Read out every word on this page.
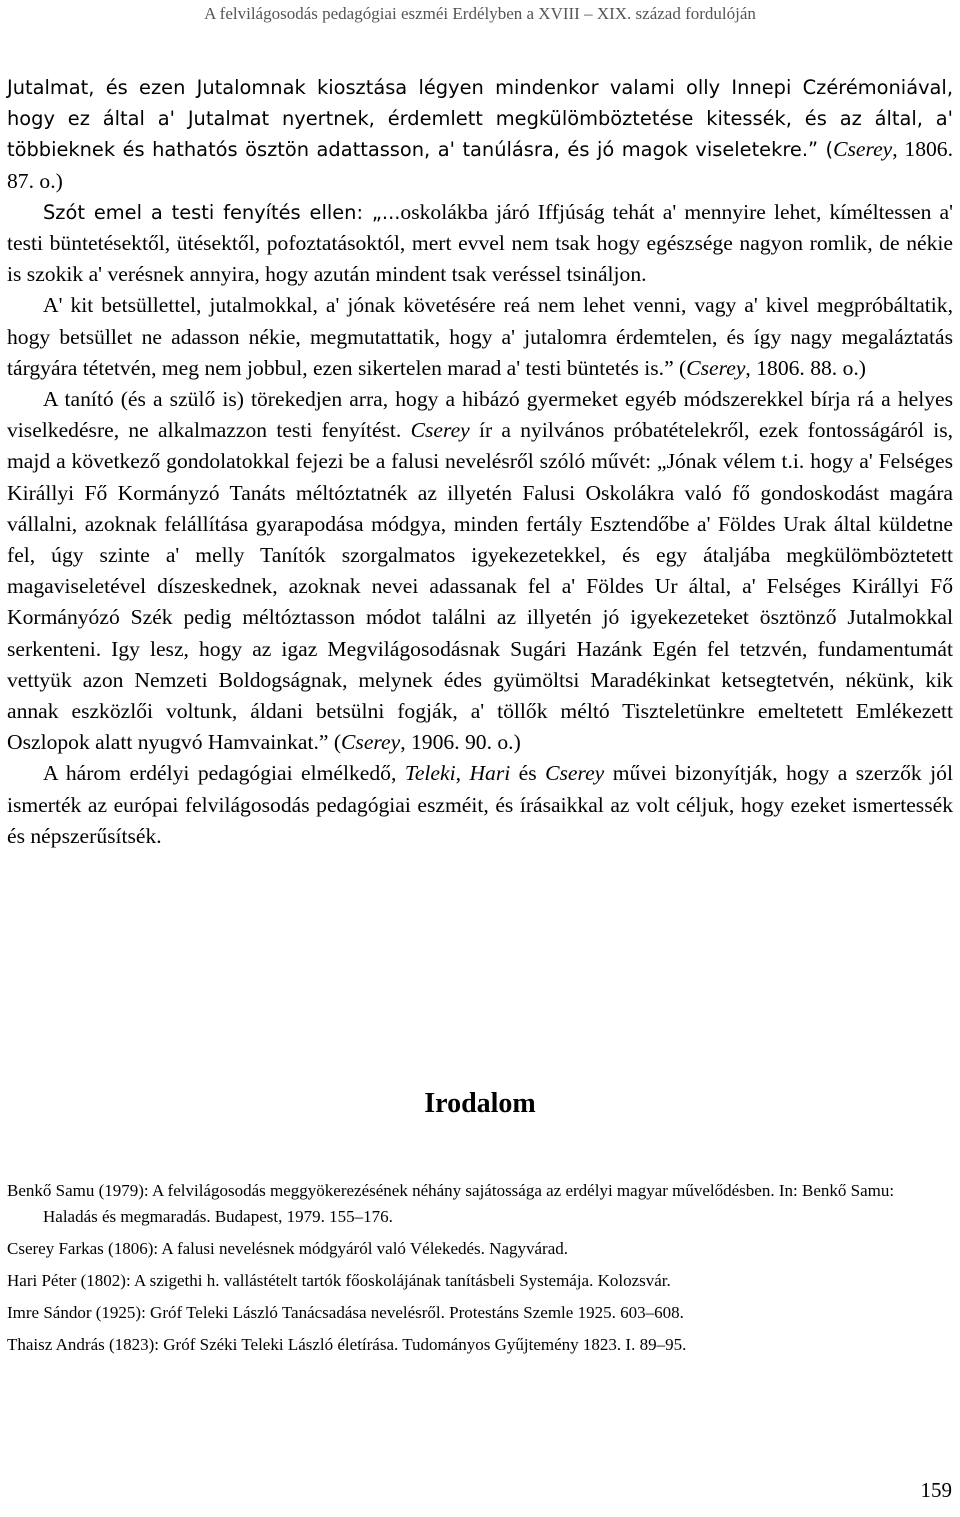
A felvilágosodás pedagógiai eszméi Erdélyben a XVIII – XIX. század fordulóján

Jutalmat, és ezen Jutalomnak kiosztása légyen mindenkor valami olly Innepi Czérémoniával, hogy ez által a' Jutalmat nyertnek, érdemlett megkülömböztetése kitessék, és az által, a' többieknek és hathatós ösztön adattasson, a' tanúlásra, és jó magok viseletekre.” (Cserey, 1806. 87. o.)

Szót emel a testi fenyítés ellen: „...oskolákba járó Iffjúság tehát a' mennyire lehet, kíméltessen a' testi büntetésektől, ütésektől, pofoztatásoktól, mert evvel nem tsak hogy egészsége nagyon romlik, de nékie is szokik a' verésnek annyira, hogy azután mindent tsak veréssel tsináljon.

A' kit betsüllettel, jutalmokkal, a' jónak követésére reá nem lehet venni, vagy a' kivel megpróbáltatik, hogy betsüllet ne adasson nékie, megmutattatik, hogy a' jutalomra érdemtelen, és így nagy megaláztatás tárgyára tétetvén, meg nem jobbul, ezen sikertelen marad a' testi büntetés is.” (Cserey, 1806. 88. o.)

A tanító (és a szülő is) törekedjen arra, hogy a hibázó gyermeket egyéb módszerekkel bírja rá a helyes viselkedésre, ne alkalmazzon testi fenyítést. Cserey ír a nyilvános próbatételekről, ezek fontosságáról is, majd a következő gondolatokkal fejezi be a falusi nevelésről szóló művét: „Jónak vélem t.i. hogy a' Felséges Királlyi Fő Kormányzó Tanáts méltóztatnék az illyetén Falusi Oskolákra való fő gondoskodást magára vállalni, azoknak felállítása gyarapodása módgya, minden fertály Esztendőbe a' Földes Urak által küldetne fel, úgy szinte a' melly Tanítók szorgalmatos igyekezetekkel, és egy átaljába megkülömböztetett magaviseletével díszeskednek, azoknak nevei adassanak fel a' Földes Ur által, a' Felséges Királlyi Fő Kormányózó Szék pedig méltóztasson módot találni az illyetén jó igyekezeteket ösztönző Jutalmokkal serkenteni. Igy lesz, hogy az igaz Megvilágosodásnak Sugári Hazánk Egén fel tetzvén, fundamentumát vettyük azon Nemzeti Boldogságnak, melynek édes gyümöltsi Maradékinkat ketsegtetvén, nékünk, kik annak eszközlői voltunk, áldani betsülni fogják, a' töllők méltó Tiszteletünkre emeltetett Emlékezett Oszlopok alatt nyugvó Hamvainkat.” (Cserey, 1906. 90. o.)

A három erdélyi pedagógiai elmélkedő, Teleki, Hari és Cserey művei bizonyítják, hogy a szerzők jól ismerték az európai felvilágosodás pedagógiai eszméit, és írásaikkal az volt céljuk, hogy ezeket ismertessék és népszerűsítsék.

Irodalom
Benkő Samu (1979): A felvilágosodás meggyökerezésének néhány sajátossága az erdélyi magyar művelődésben. In: Benkő Samu: Haladás és megmaradás. Budapest, 1979. 155–176.
Cserey Farkas (1806): A falusi nevelésnek módgyáról való Vélekedés. Nagyvárad.
Hari Péter (1802): A szigethi h. vallástételt tartók főoskolájának tanításbeli Systemája. Kolozsvár.
Imre Sándor (1925): Gróf Teleki László Tanácsadása nevelésről. Protestáns Szemle 1925. 603–608.
Thaisz András (1823): Gróf Széki Teleki László életírása. Tudományos Gyűjtemény 1823. I. 89–95.

159
